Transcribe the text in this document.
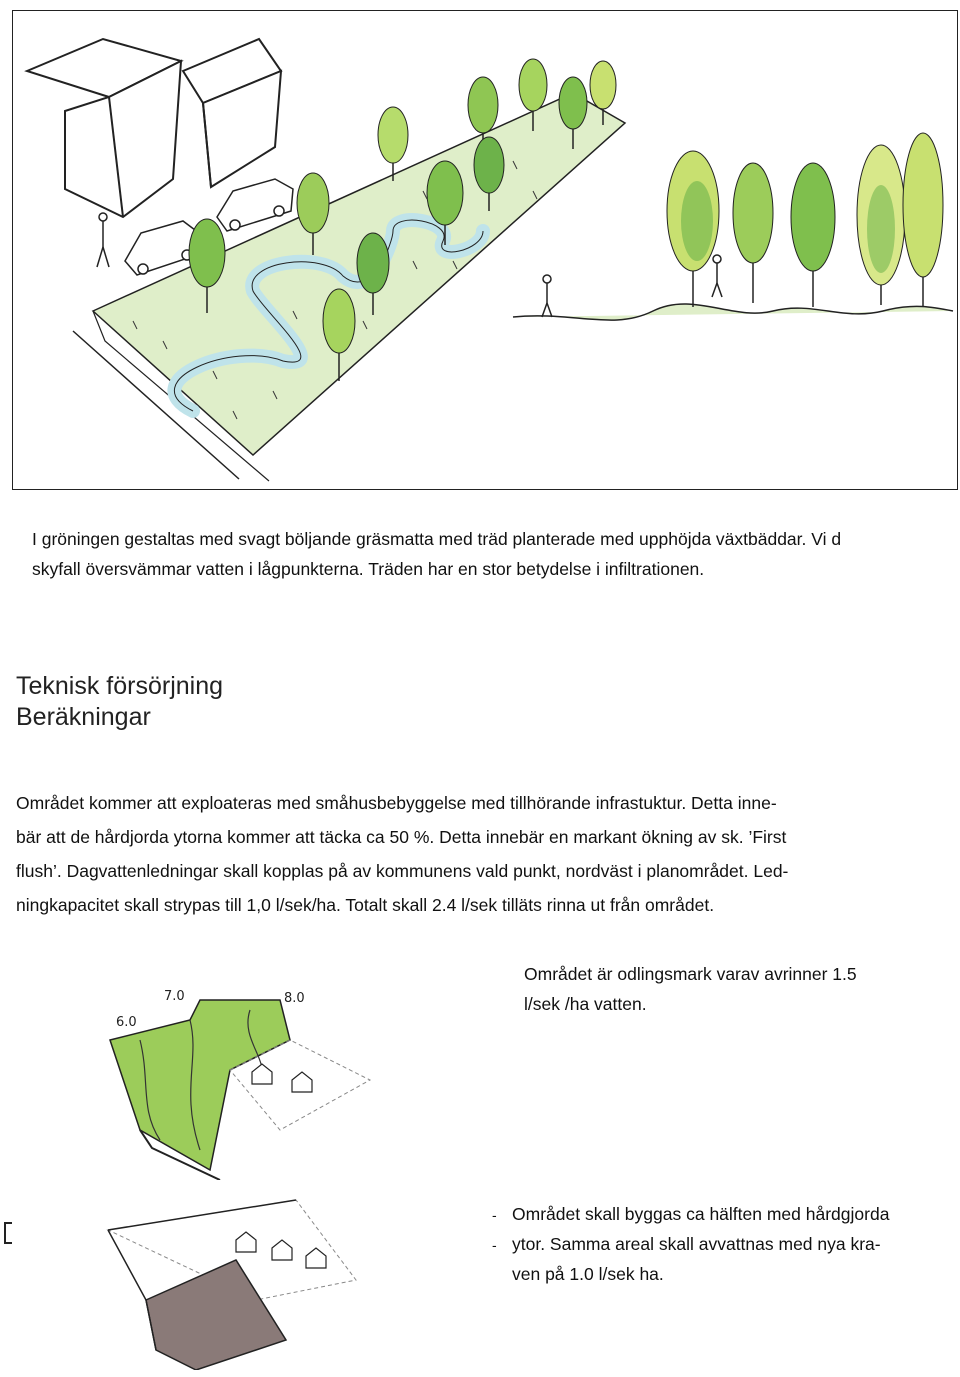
I gröningen gestaltas med svagt böljande gräsmatta med träd planterade med upphöjda växtbäddar. Vi d
skyfall översvämmar vatten i lågpunkterna. Träden har en stor betydelse i infiltrationen.
Teknisk försörjning
Beräkningar
Området kommer att exploateras med småhusbebyggelse med tillhörande infrastuktur. Detta inne-
bär att de hårdjorda ytorna kommer att täcka ca 50 %. Detta innebär en markant ökning av sk. ’First
flush’. Dagvattenledningar skall kopplas på av kommunens vald punkt, nordväst i planområdet. Led-
ningkapacitet skall strypas till 1,0 l/sek/ha. Totalt skall 2.4 l/sek tilläts rinna ut från området.
6.0
7.0	8.0
Området är odlingsmark varav avrinner 1.5
l/sek /ha vatten.
-
-
Området skall byggas ca hälften med hårdgjorda
ytor. Samma areal skall avvattnas med nya kra-
ven på 1.0 l/sek ha.
